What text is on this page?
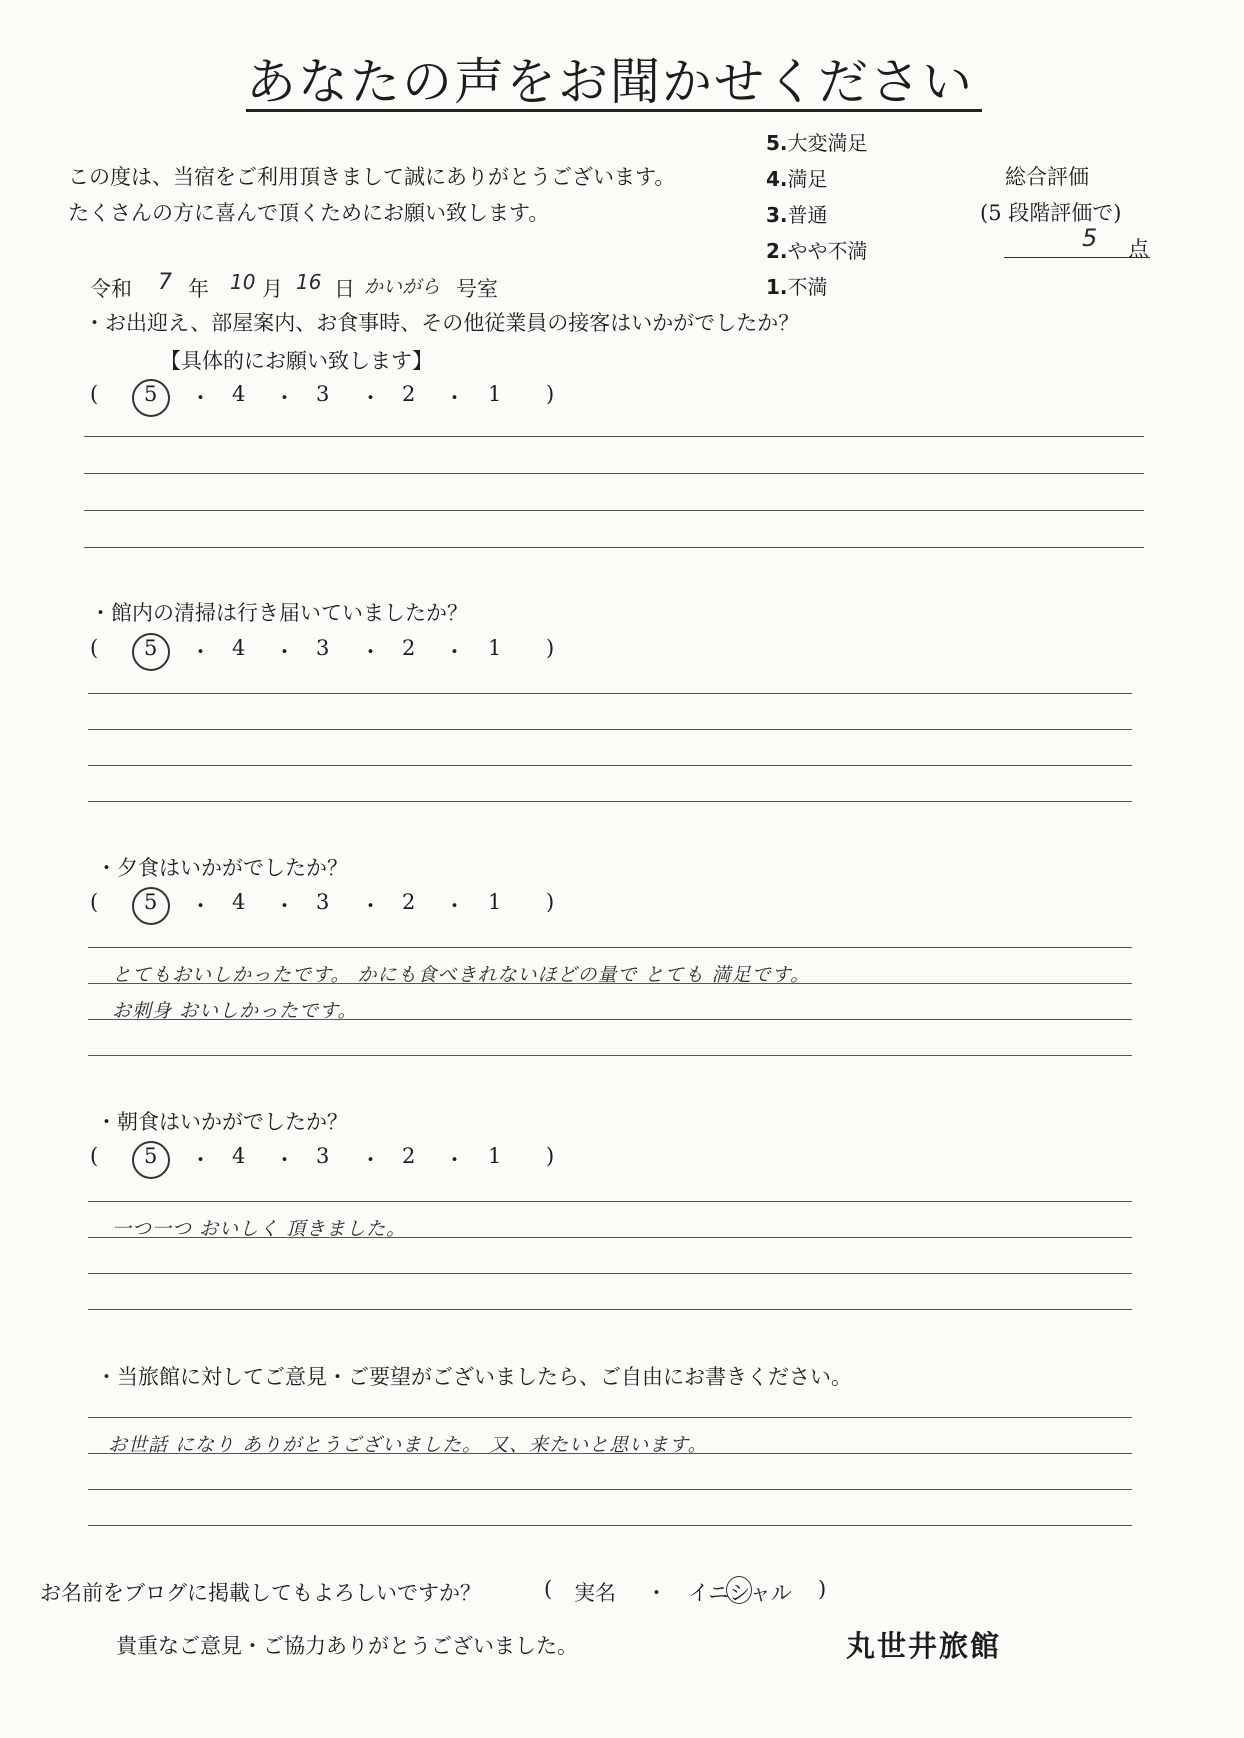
あなたの声をお聞かせください
この度は、当宿をご利用頂きまして誠にありがとうございます。
たくさんの方に喜んで頂くためにお願い致します。
5.大変満足
4.満足
3.普通
2.やや不満
1.不満
総合評価
(5 段階評価で)
5 点
令和 7 年 10 月 16 日 かいがら 号室
・お出迎え、部屋案内、お食事時、その他従業員の接客はいかがでしたか？
【具体的にお願い致します】
( 5 ・ 4 ・ 3 ・ 2 ・ 1 )
・館内の清掃は行き届いていましたか？
( 5 ・ 4 ・ 3 ・ 2 ・ 1 )
・夕食はいかがでしたか？
( 5 ・ 4 ・ 3 ・ 2 ・ 1 )
とてもおいしかったです。 かにも食べきれないほどの量で とても 満足です。
お刺身 おいしかったです。
・朝食はいかがでしたか？
( 5 ・ 4 ・ 3 ・ 2 ・ 1 )
一つ一つ おいしく 頂きました。
・当旅館に対してご意見・ご要望がございましたら、ご自由にお書きください。
お世話 になり ありがとうございました。 又、来たいと思います。
お名前をブログに掲載してもよろしいですか？	( 実名 ・ イニシャル )
貴重なご意見・ご協力ありがとうございました。	丸世井旅館
